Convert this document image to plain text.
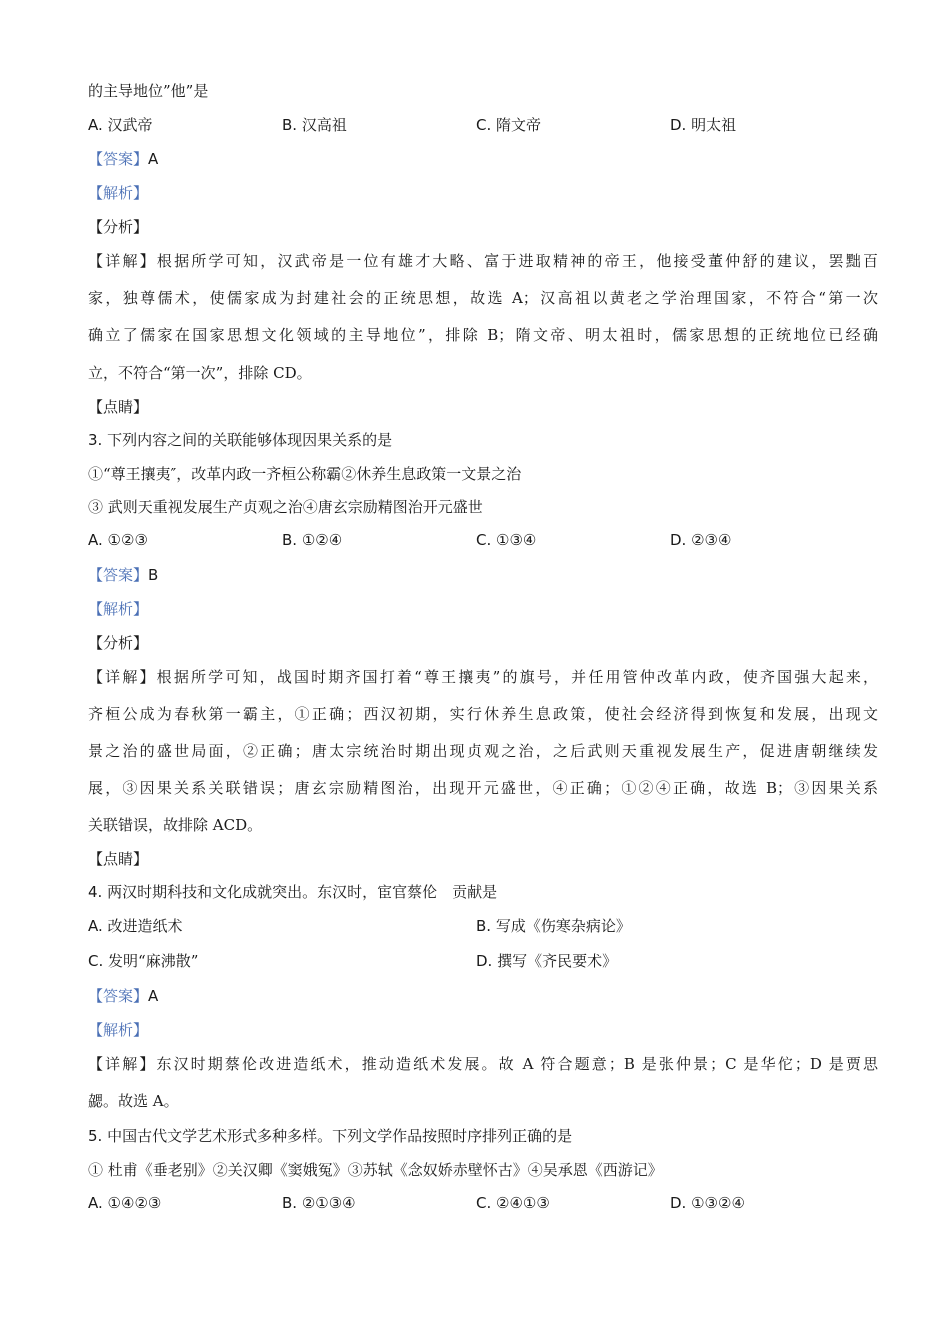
的主导地位”他”是
A. 汉武帝	B. 汉高祖	C. 隋文帝	D. 明太祖
【答案】A
【解析】
【分析】
【详解】根据所学可知，汉武帝是一位有雄才大略、富于进取精神的帝王，他接受董仲舒的建议，罢黜百
家，独尊儒术，使儒家成为封建社会的正统思想，故选 A；汉高祖以黄老之学治理国家，不符合“第一次
确立了儒家在国家思想文化领域的主导地位”，排除 B；隋文帝、明太祖时，儒家思想的正统地位已经确
立，不符合“第一次”，排除 CD。
【点睛】
3. 下列内容之间的关联能够体现因果关系的是
①“尊王攘夷″，改革内政一齐桓公称霸②休养生息政策一文景之治
③ 武则天重视发展生产贞观之治④唐玄宗励精图治开元盛世
A. ①②③	B. ①②④	C. ①③④	D. ②③④
【答案】B
【解析】
【分析】
【详解】根据所学可知，战国时期齐国打着“尊王攘夷”的旗号，并任用管仲改革内政，使齐国强大起来，
齐桓公成为春秋第一霸主，①正确；西汉初期，实行休养生息政策，使社会经济得到恢复和发展，出现文
景之治的盛世局面，②正确；唐太宗统治时期出现贞观之治，之后武则天重视发展生产，促进唐朝继续发
展，③因果关系关联错误；唐玄宗励精图治，出现开元盛世，④正确；①②④正确，故选 B；③因果关系
关联错误，故排除 ACD。
【点睛】
4. 两汉时期科技和文化成就突出。东汉时，宦官蔡伦　贡献是
A. 改进造纸术	B. 写成《伤寒杂病论》
C. 发明“麻沸散”	D. 撰写《齐民要术》
【答案】A
【解析】
【详解】东汉时期蔡伦改进造纸术，推动造纸术发展。故 A 符合题意；B 是张仲景；C 是华佗；D 是贾思
勰。故选 A。
5. 中国古代文学艺术形式多种多样。下列文学作品按照时序排列正确的是
① 杜甫《垂老别》②关汉卿《窦娥冤》③苏轼《念奴娇赤壁怀古》④吴承恩《西游记》
A. ①④②③	B. ②①③④	C. ②④①③	D. ①③②④
